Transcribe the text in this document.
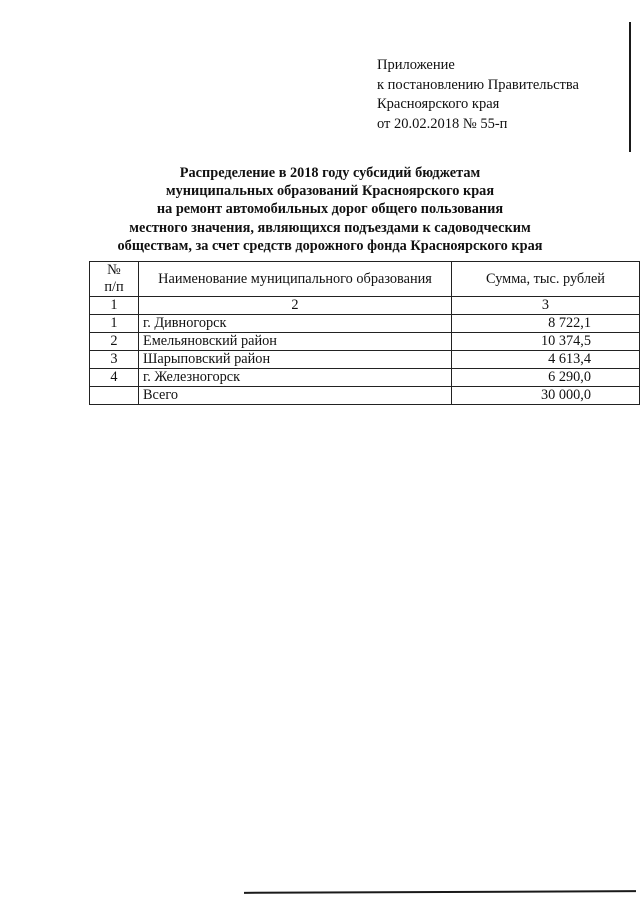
Приложение
к постановлению Правительства
Красноярского края
от 20.02.2018 № 55-п
Распределение в 2018 году субсидий бюджетам
муниципальных образований Красноярского края
на ремонт автомобильных дорог общего пользования
местного значения, являющихся подъездами к садоводческим
обществам, за счет средств дорожного фонда Красноярского края
№
п/п	Наименование муниципального образования	Сумма, тыс. рублей
1	2	3
1	г. Дивногорск	8 722,1
2	Емельяновский район	10 374,5
3	Шарыповский район	4 613,4
4	г. Железногорск	6 290,0
	Всего	30 000,0
